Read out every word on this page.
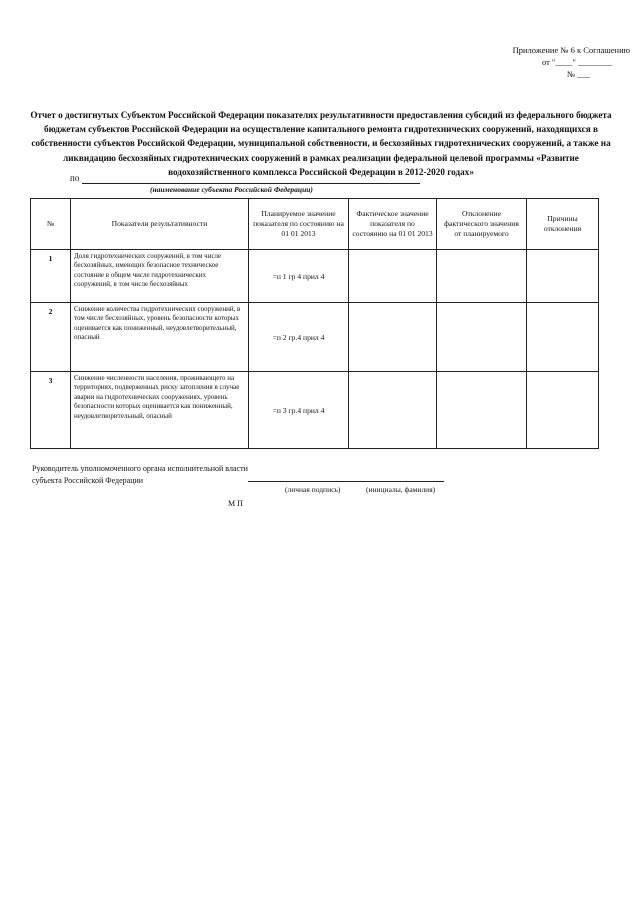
Приложение № 6 к Соглашению
от "____" ________
№ ___
Отчет о достигнутых Субъектом Российской Федерации показателях результативности предоставления субсидий из федерального бюджета бюджетам субъектов Российской Федерации на осуществление капитального ремонта гидротехнических сооружений, находящихся в собственности субъектов Российской Федерации, муниципальной собственности, и бесхозяйных гидротехнических сооружений, а также на ликвидацию бесхозяйных гидротехнических сооружений в рамках реализации федеральной целевой программы «Развитие водохозяйственного комплекса Российской Федерации в 2012-2020 годах»
по
(наименование субъекта Российской Федерации)
№	Показатели результативности	Планируемое значение показателя по состоянию на 01 01 2013	Фактическое значение показателя по состоянию на 01 01 2013	Отклонение фактического значения от планируемого	Причины отклонения
1	Доля гидротехнических сооружений, в том числе бесхозяйных, имеющих безопасное техническое состояние в общем числе гидротехнических сооружений, в том числе бесхозяйных	=п 1 гр 4 прил 4			
2	Снижение количества гидротехнических сооружений, в том числе бесхозяйных, уровень безопасности которых оценивается как пониженный, неудовлетворительный, опасный	=п 2 гр.4 прил 4			
3	Снижение численности населения, проживающего на территориях, подверженных риску затопления в случае аварии на гидротехнических сооружениях, уровень безопасности которых оценивается как пониженный, неудовлетворительный, опасный	=п 3 гр.4 прил 4			
Руководитель уполномоченного органа исполнительной власти субъекта Российской Федерации
(личная подпись)	(инициалы, фамилия)
М П
